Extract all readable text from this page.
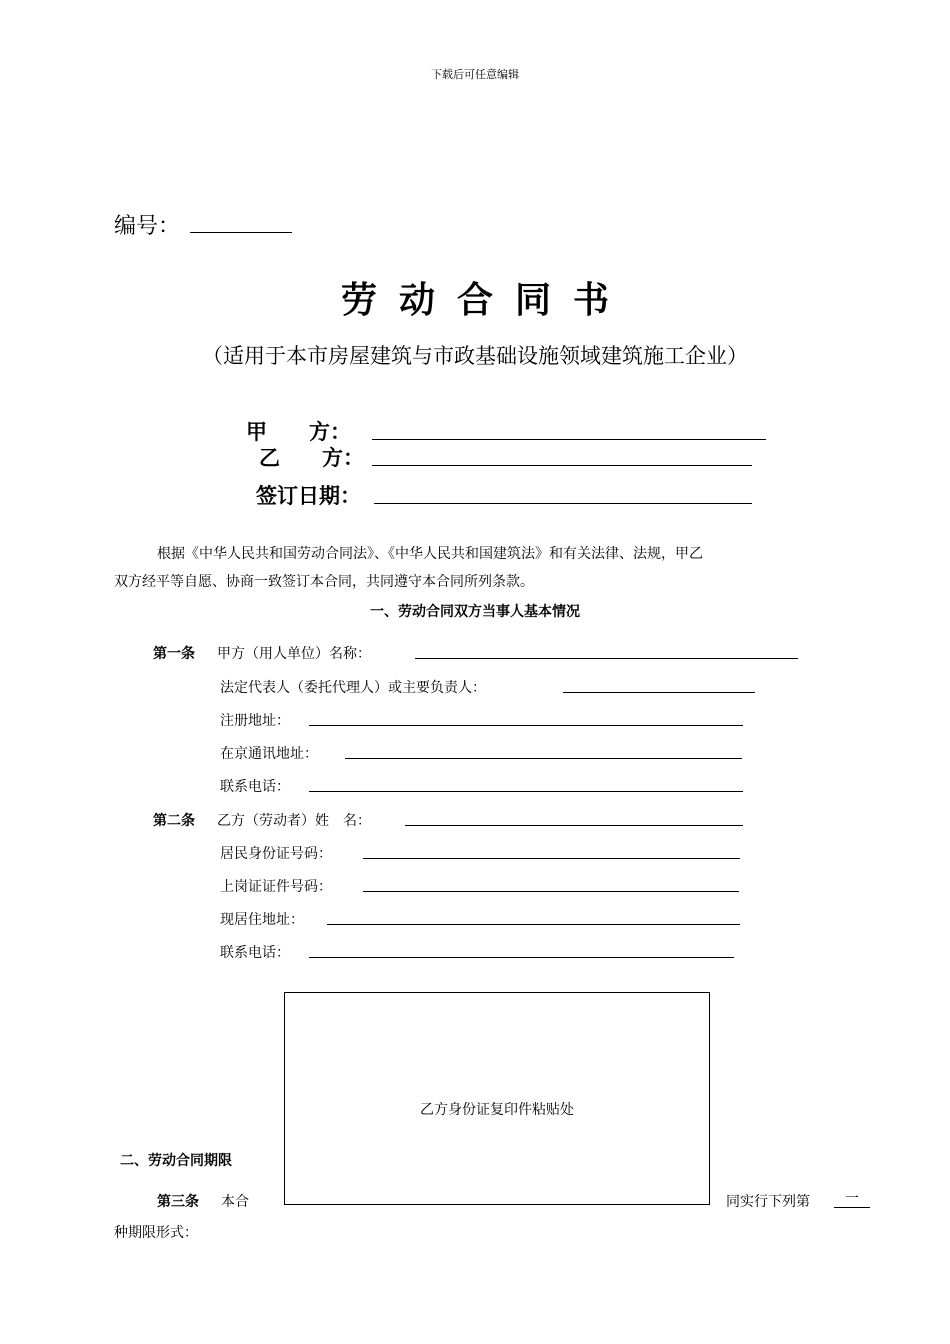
下载后可任意编辑
编号：
劳动合同书
（适用于本市房屋建筑与市政基础设施领域建筑施工企业）
甲　　方：
乙　　方：
签订日期：
根据《中华人民共和国劳动合同法》、《中华人民共和国建筑法》和有关法律、法规，甲乙
双方经平等自愿、协商一致签订本合同，共同遵守本合同所列条款。
一、劳动合同双方当事人基本情况
第一条 甲方（用人单位）名称：
法定代表人（委托代理人）或主要负责人：
注册地址：
在京通讯地址：
联系电话：
第二条 乙方（劳动者）姓　名：
居民身份证号码：
上岗证证件号码：
现居住地址：
联系电话：
乙方身份证复印件粘贴处
二、劳动合同期限
第三条 本合	同实行下列第	一
种期限形式：
